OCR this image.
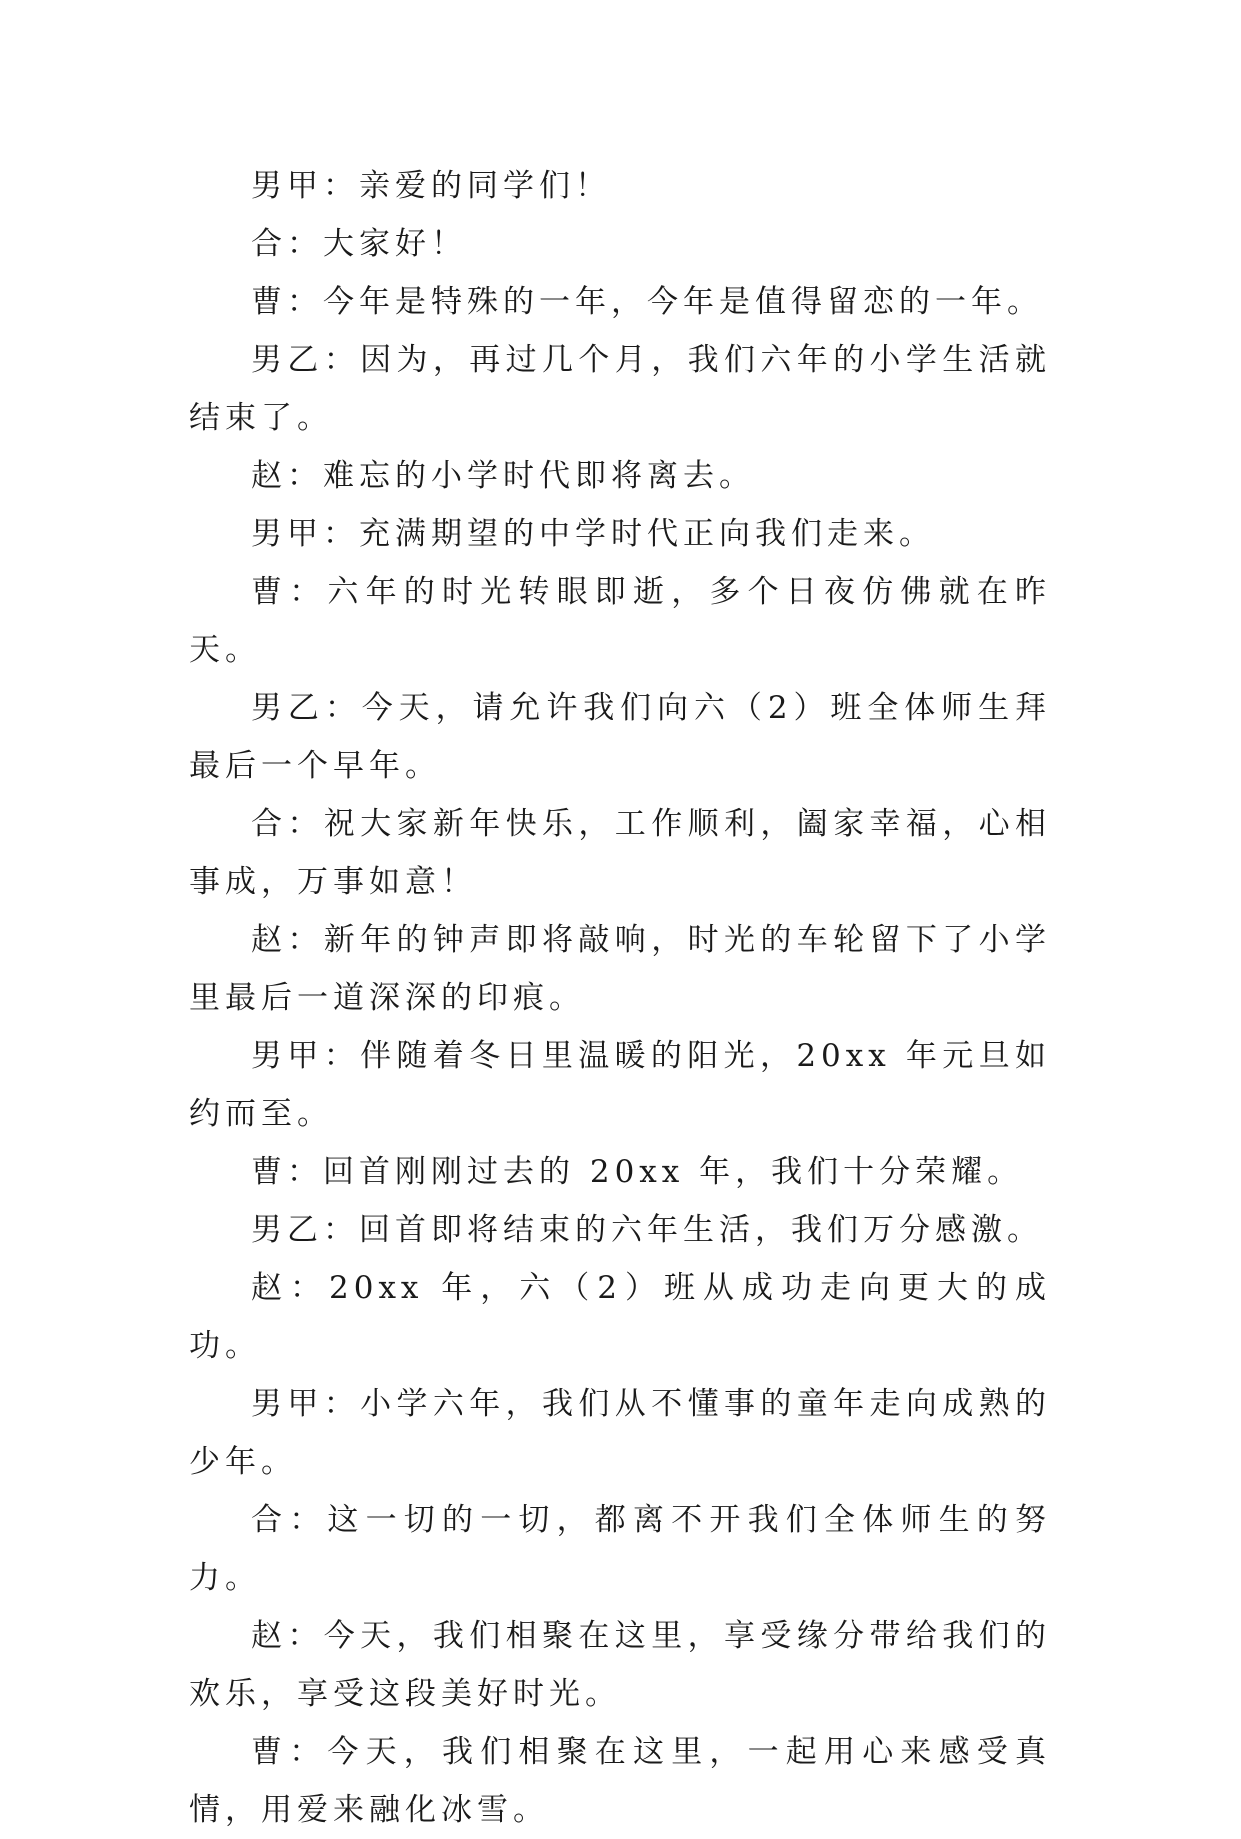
男甲：亲爱的同学们！

合：大家好！

曹：今年是特殊的一年，今年是值得留恋的一年。

男乙：因为，再过几个月，我们六年的小学生活就结束了。

赵：难忘的小学时代即将离去。

男甲：充满期望的中学时代正向我们走来。

曹：六年的时光转眼即逝，多个日夜仿佛就在昨天。

男乙：今天，请允许我们向六（2）班全体师生拜最后一个早年。

合：祝大家新年快乐，工作顺利，阖家幸福，心相事成，万事如意！

赵：新年的钟声即将敲响，时光的车轮留下了小学里最后一道深深的印痕。

男甲：伴随着冬日里温暖的阳光，20xx 年元旦如约而至。

曹：回首刚刚过去的 20xx 年，我们十分荣耀。

男乙：回首即将结束的六年生活，我们万分感激。

赵：20xx 年，六（2）班从成功走向更大的成功。

男甲：小学六年，我们从不懂事的童年走向成熟的少年。

合：这一切的一切，都离不开我们全体师生的努力。

赵：今天，我们相聚在这里，享受缘分带给我们的欢乐，享受这段美好时光。

曹：今天，我们相聚在这里，一起用心来感受真情，用爱来融化冰雪。
